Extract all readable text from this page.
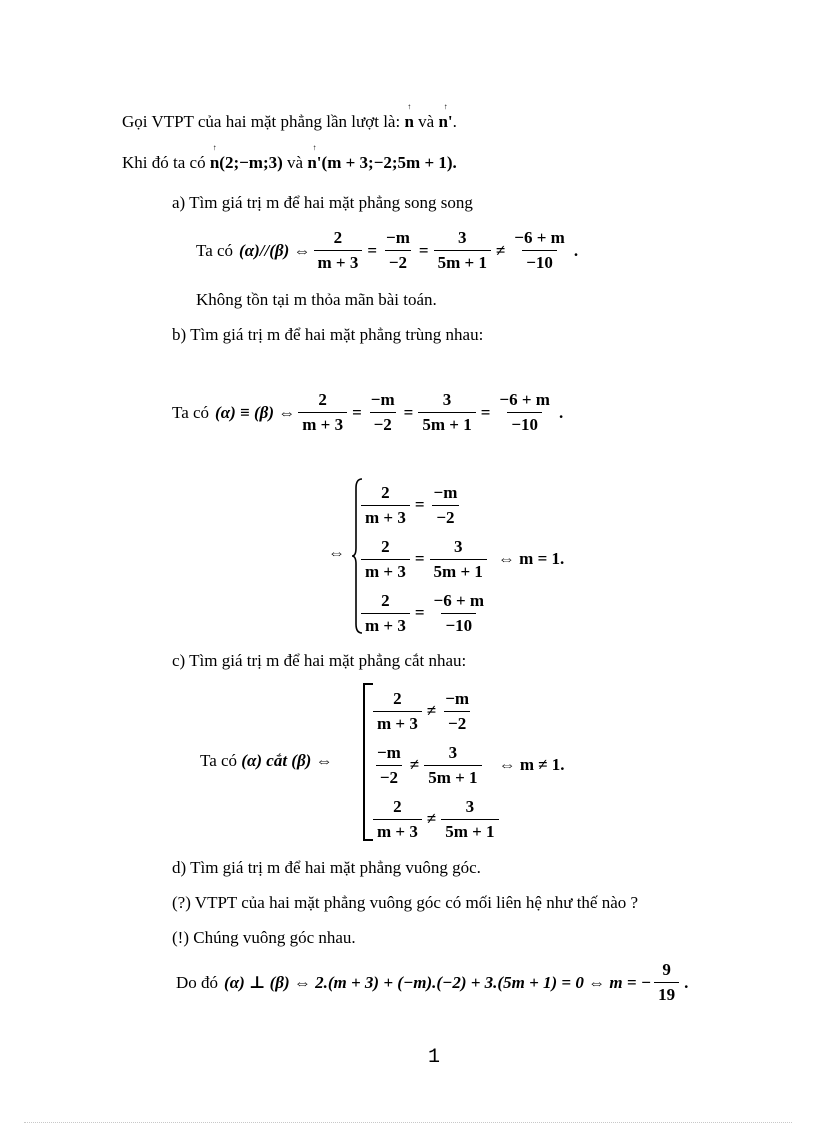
Gọi VTPT của hai mặt phẳng lần lượt là:
↑
n và
↑
n'.
Khi đó ta có
↑
n(2;−m;3) và
↑
n'(m + 3;−2;5m + 1).
a) Tìm giá trị m để hai mặt phẳng song song
Ta có (α)//(β) ⇔ $\frac{2}{m + 3} = \frac{-m}{-2} = \frac{3}{5m + 1} \ne \frac{-6 + m}{-10}$ .
Không tồn tại m thỏa mãn bài toán.
b) Tìm giá trị m để hai mặt phẳng trùng nhau:
Ta có (α) ≡ (β) ⇔ $\frac{2}{m + 3} = \frac{-m}{-2} = \frac{3}{5m + 1} = \frac{-6 + m}{-10}$ .
⇔
$\frac{2}{m + 3} = \frac{-m}{-2}$
$\frac{2}{m + 3} = \frac{3}{5m + 1}$ ⇔ m = 1.
$\frac{2}{m + 3} = \frac{-6 + m}{-10}$
c) Tìm giá trị m để hai mặt phẳng cắt nhau:
Ta có (α) cắt (β) ⇔
$\frac{2}{m + 3} \ne \frac{-m}{-2}$
$\frac{-m}{-2} \ne \frac{3}{5m + 1}$ ⇔ m ≠ 1.
$\frac{2}{m + 3} \ne \frac{3}{5m + 1}$
d) Tìm giá trị m để hai mặt phẳng vuông góc.
(?) VTPT của hai mặt phẳng vuông góc có mối liên hệ như thế nào ?
(!) Chúng vuông góc nhau.
Do đó (α) ⊥ (β) ⇔ 2.(m + 3) + (−m).(−2) + 3.(5m + 1) = 0 ⇔ m = − $\frac{9}{19}$ .
1
